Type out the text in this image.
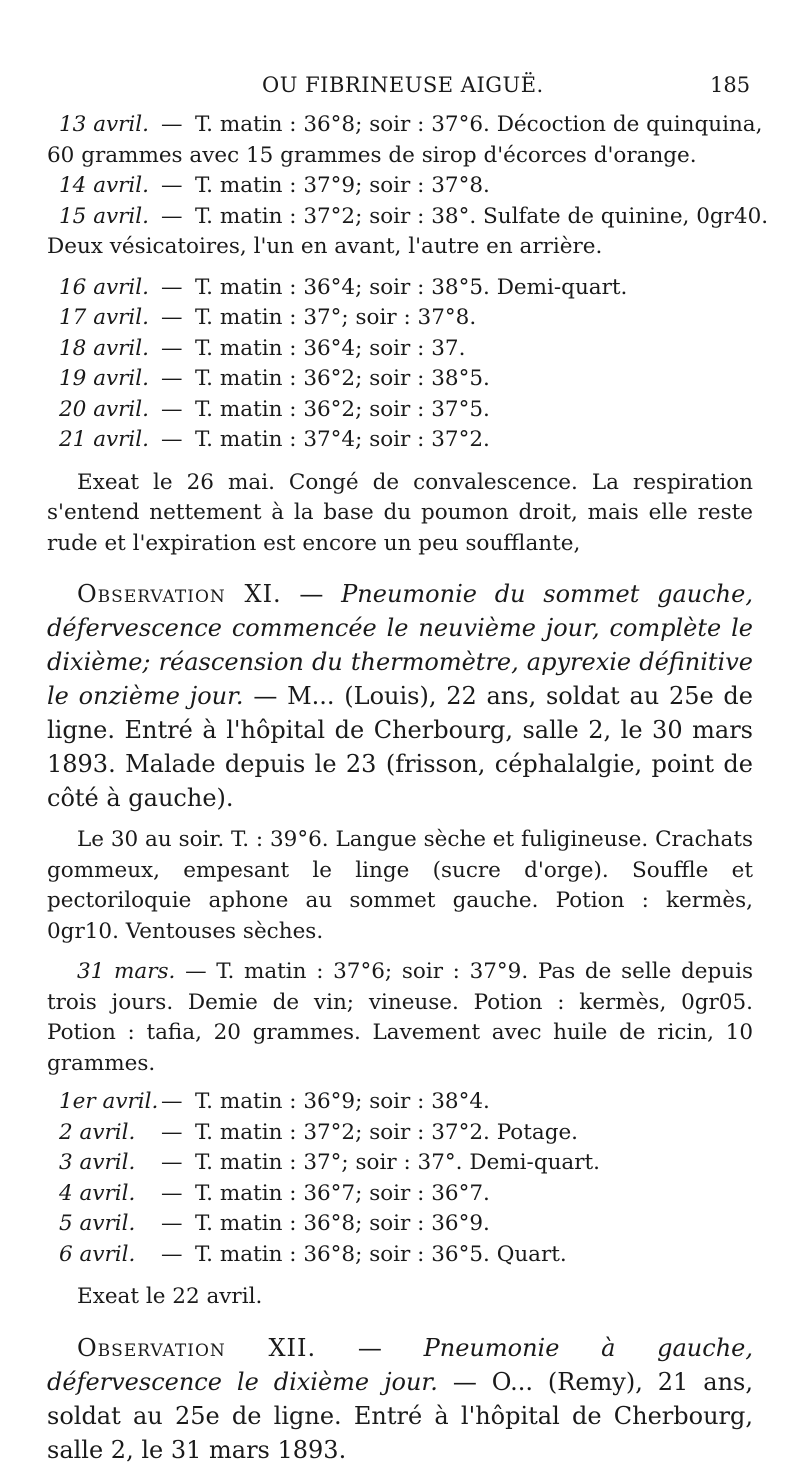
OU FIBRINEUSE AIGUË.	185
13 avril. — T. matin : 36°8; soir : 37°6. Décoction de quinquina,
60 grammes avec 15 grammes de sirop d'écorces d'orange.
14 avril. — T. matin : 37°9; soir : 37°8.
15 avril. — T. matin : 37°2; soir : 38°. Sulfate de quinine, 0gr40.
Deux vésicatoires, l'un en avant, l'autre en arrière.
16 avril. — T. matin : 36°4; soir : 38°5. Demi-quart.
17 avril. — T. matin : 37°; soir : 37°8.
18 avril. — T. matin : 36°4; soir : 37.
19 avril. — T. matin : 36°2; soir : 38°5.
20 avril. — T. matin : 36°2; soir : 37°5.
21 avril. — T. matin : 37°4; soir : 37°2.

Exeat le 26 mai. Congé de convalescence. La respiration s'entend nettement à la base du poumon droit, mais elle reste rude et l'expiration est encore un peu soufflante,

Observation XI. — Pneumonie du sommet gauche, défervescence commencée le neuvième jour, complète le dixième; réascension du thermomètre, apyrexie définitive le onzième jour. — M... (Louis), 22 ans, soldat au 25e de ligne. Entré à l'hôpital de Cherbourg, salle 2, le 30 mars 1893. Malade depuis le 23 (frisson, céphalalgie, point de côté à gauche).

Le 30 au soir. T. : 39°6. Langue sèche et fuligineuse. Crachats gommeux, empesant le linge (sucre d'orge). Souffle et pectoriloquie aphone au sommet gauche. Potion : kermès, 0gr10. Ventouses sèches.

31 mars. — T. matin : 37°6; soir : 37°9. Pas de selle depuis trois jours. Demie de vin; vineuse. Potion : kermès, 0gr05. Potion : tafia, 20 grammes. Lavement avec huile de ricin, 10 grammes.

1er avril. — T. matin : 36°9; soir : 38°4.
2 avril.	— T. matin : 37°2; soir : 37°2. Potage.
3 avril.	— T. matin : 37°; soir : 37°. Demi-quart.
4 avril.	— T. matin : 36°7; soir : 36°7.
5 avril.	— T. matin : 36°8; soir : 36°9.
6 avril.	— T. matin : 36°8; soir : 36°5. Quart.

Exeat le 22 avril.

Observation XII. — Pneumonie à gauche, défervescence le dixième jour. — O... (Remy), 21 ans, soldat au 25e de ligne. Entré à l'hôpital de Cherbourg, salle 2, le 31 mars 1893.
